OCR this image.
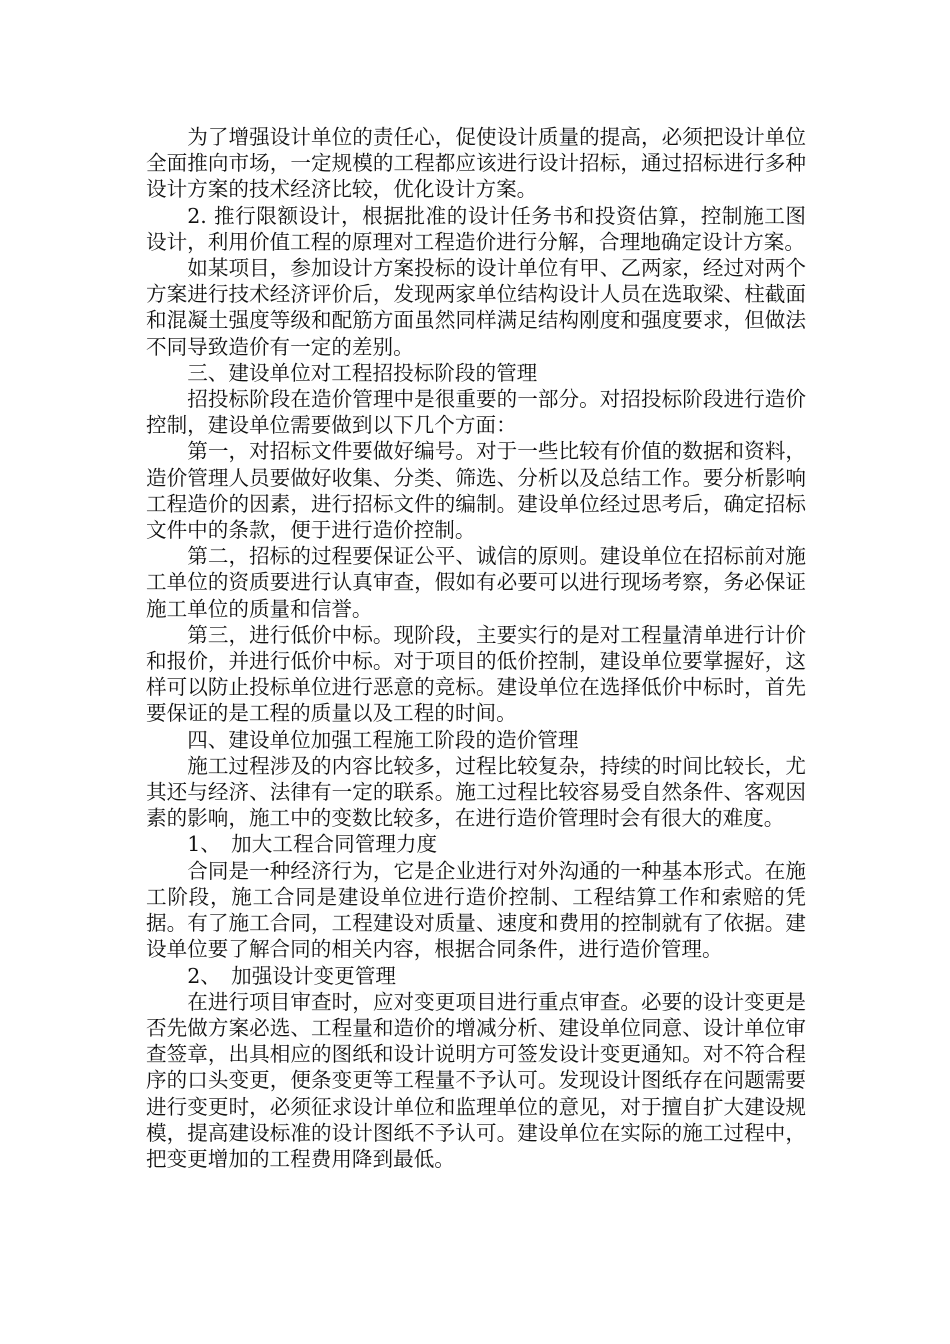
为了增强设计单位的责任心，促使设计质量的提高，必须把设计单位全面推向市场，一定规模的工程都应该进行设计招标，通过招标进行多种设计方案的技术经济比较，优化设计方案。

2. 推行限额设计，根据批准的设计任务书和投资估算，控制施工图设计，利用价值工程的原理对工程造价进行分解，合理地确定设计方案。

如某项目，参加设计方案投标的设计单位有甲、乙两家，经过对两个方案进行技术经济评价后，发现两家单位结构设计人员在选取梁、柱截面和混凝土强度等级和配筋方面虽然同样满足结构刚度和强度要求，但做法不同导致造价有一定的差别。

三、建设单位对工程招投标阶段的管理

招投标阶段在造价管理中是很重要的一部分。对招投标阶段进行造价控制，建设单位需要做到以下几个方面：

第一，对招标文件要做好编号。对于一些比较有价值的数据和资料，造价管理人员要做好收集、分类、筛选、分析以及总结工作。要分析影响工程造价的因素，进行招标文件的编制。建设单位经过思考后，确定招标文件中的条款，便于进行造价控制。

第二，招标的过程要保证公平、诚信的原则。建设单位在招标前对施工单位的资质要进行认真审查，假如有必要可以进行现场考察，务必保证施工单位的质量和信誉。

第三，进行低价中标。现阶段，主要实行的是对工程量清单进行计价和报价，并进行低价中标。对于项目的低价控制，建设单位要掌握好，这样可以防止投标单位进行恶意的竞标。建设单位在选择低价中标时，首先要保证的是工程的质量以及工程的时间。

四、建设单位加强工程施工阶段的造价管理

施工过程涉及的内容比较多，过程比较复杂，持续的时间比较长，尤其还与经济、法律有一定的联系。施工过程比较容易受自然条件、客观因素的影响，施工中的变数比较多，在进行造价管理时会有很大的难度。

1、　加大工程合同管理力度

合同是一种经济行为，它是企业进行对外沟通的一种基本形式。在施工阶段，施工合同是建设单位进行造价控制、工程结算工作和索赔的凭据。有了施工合同，工程建设对质量、速度和费用的控制就有了依据。建设单位要了解合同的相关内容，根据合同条件，进行造价管理。

2、　加强设计变更管理

在进行项目审查时，应对变更项目进行重点审查。必要的设计变更是否先做方案必选、工程量和造价的增减分析、建设单位同意、设计单位审查签章，出具相应的图纸和设计说明方可签发设计变更通知。对不符合程序的口头变更，便条变更等工程量不予认可。发现设计图纸存在问题需要进行变更时，必须征求设计单位和监理单位的意见，对于擅自扩大建设规模，提高建设标准的设计图纸不予认可。建设单位在实际的施工过程中，把变更增加的工程费用降到最低。
